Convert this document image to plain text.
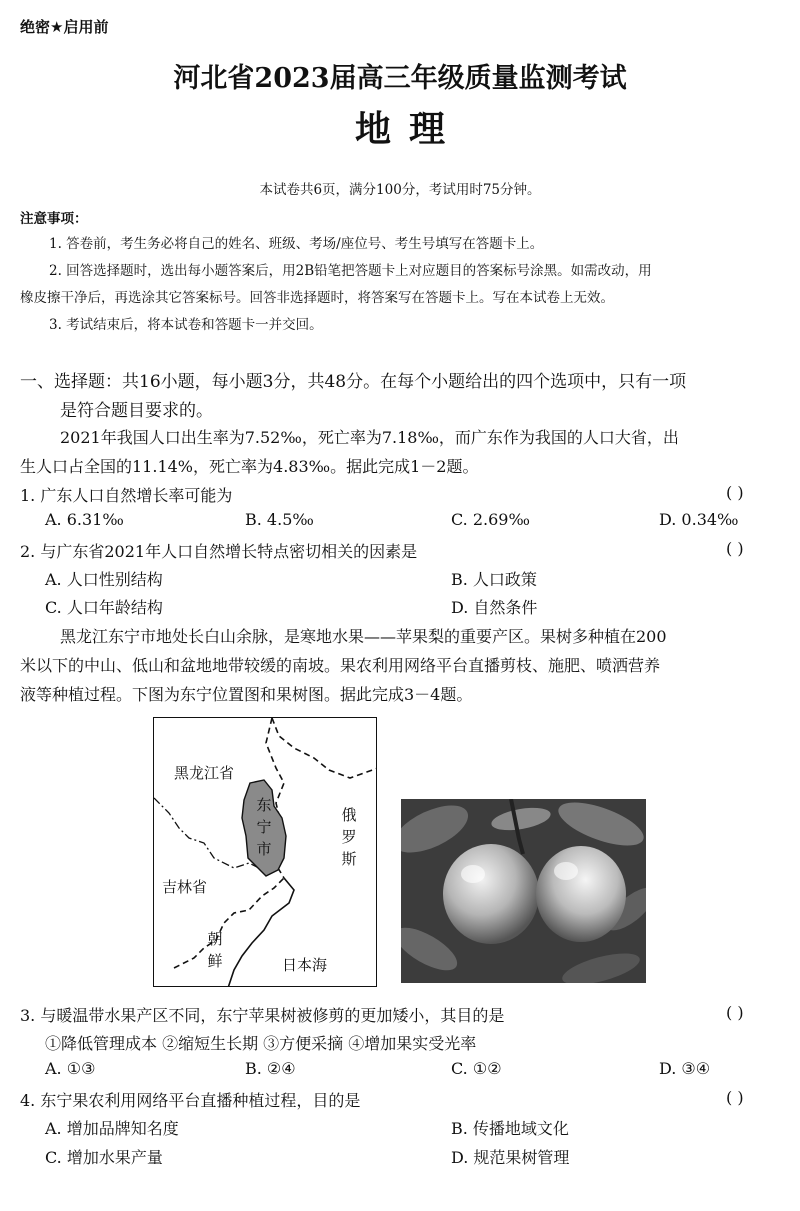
绝密★启用前
河北省2023届高三年级质量监测考试
地理
本试卷共6页，满分100分，考试用时75分钟。
注意事项：
1. 答卷前，考生务必将自己的姓名、班级、考场/座位号、考生号填写在答题卡上。
2. 回答选择题时，选出每小题答案后，用2B铅笔把答题卡上对应题目的答案标号涂黑。如需改动，用
橡皮擦干净后，再选涂其它答案标号。回答非选择题时，将答案写在答题卡上。写在本试卷上无效。
3. 考试结束后，将本试卷和答题卡一并交回。
一、选择题：共16小题，每小题3分，共48分。在每个小题给出的四个选项中，只有一项
是符合题目要求的。
2021年我国人口出生率为7.52‰，死亡率为7.18‰，而广东作为我国的人口大省，出
生人口占全国的11.14%，死亡率为4.83‰。据此完成1－2题。
1. 广东人口自然增长率可能为	( )
A. 6.31‰	B. 4.5‰	C. 2.69‰	D. 0.34‰
2. 与广东省2021年人口自然增长特点密切相关的因素是	( )
A. 人口性别结构	B. 人口政策
C. 人口年龄结构	D. 自然条件
黑龙江东宁市地处长白山余脉，是寒地水果——苹果梨的重要产区。果树多种植在200
米以下的中山、低山和盆地地带较缓的南坡。果农利用网络平台直播剪枝、施肥、喷洒营养
液等种植过程。下图为东宁位置图和果树图。据此完成3－4题。
黑龙江省
东宁市
俄罗斯
吉林省
朝鲜	日本海
3. 与暖温带水果产区不同，东宁苹果树被修剪的更加矮小，其目的是	( )
①降低管理成本 ②缩短生长期 ③方便采摘 ④增加果实受光率
A. ①③	B. ②④	C. ①②	D. ③④
4. 东宁果农利用网络平台直播种植过程，目的是	( )
A. 增加品牌知名度	B. 传播地域文化
C. 增加水果产量	D. 规范果树管理
